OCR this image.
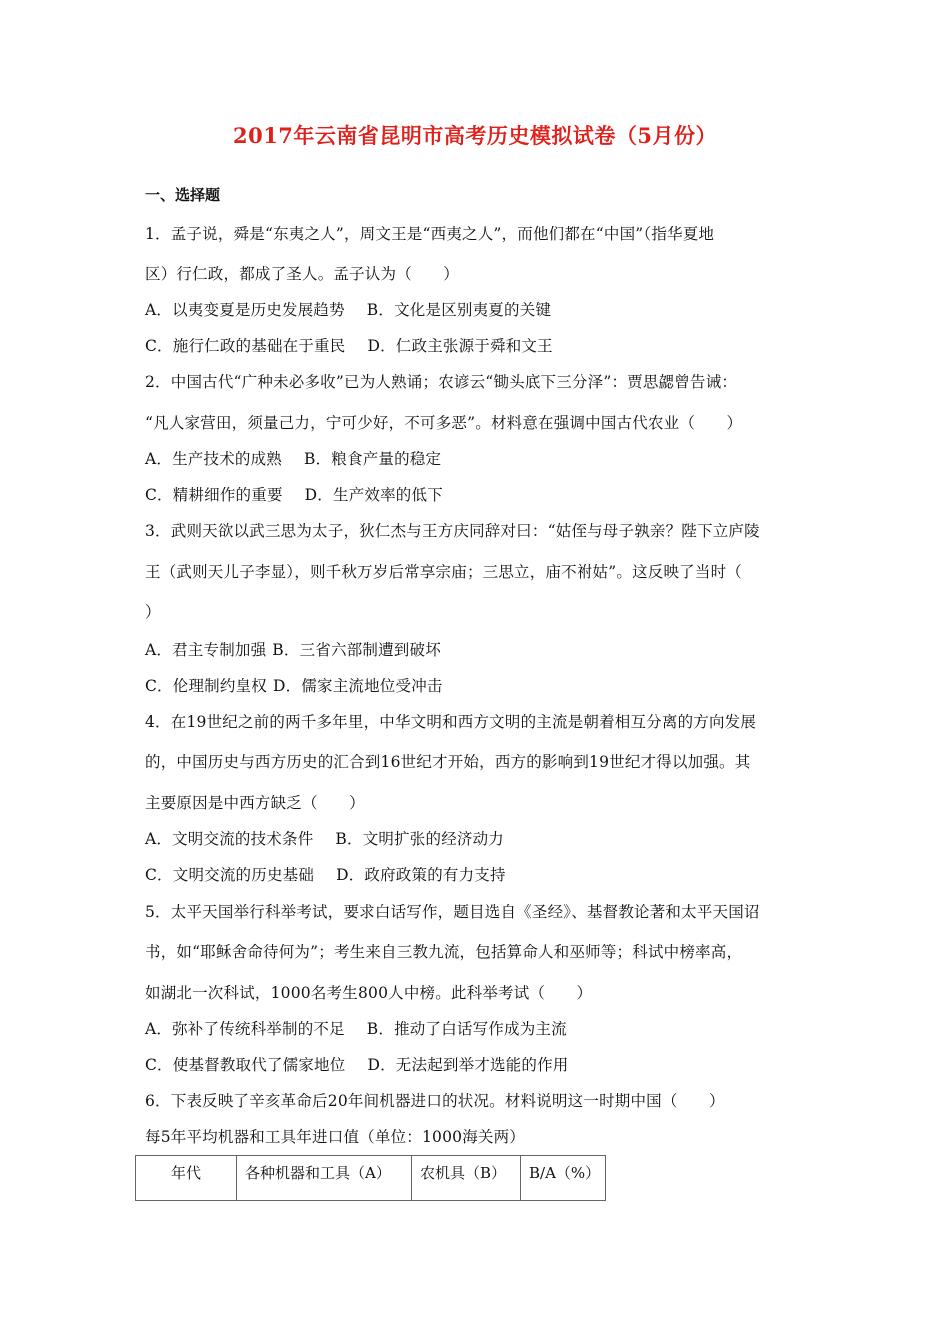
2017年云南省昆明市高考历史模拟试卷（5月份）
一、选择题
1．孟子说，舜是“东夷之人”，周文王是“西夷之人”，而他们都在“中国”（指华夏地
区）行仁政，都成了圣人。孟子认为（　　）
A．以夷变夏是历史发展趋势 B．文化是区别夷夏的关键
C．施行仁政的基础在于重民 D．仁政主张源于舜和文王
2．中国古代“广种未必多收”已为人熟诵；农谚云“锄头底下三分泽”：贾思勰曾告诫：
“凡人家营田，须量己力，宁可少好，不可多恶”。材料意在强调中国古代农业（　　）
A．生产技术的成熟 B．粮食产量的稳定
C．精耕细作的重要 D．生产效率的低下
3．武则天欲以武三思为太子，狄仁杰与王方庆同辞对曰：“姑侄与母子孰亲？陛下立庐陵
王（武则天儿子李显），则千秋万岁后常享宗庙；三思立，庙不祔姑”。这反映了当时（
）
A．君主专制加强 B．三省六部制遭到破坏
C．伦理制约皇权 D．儒家主流地位受冲击
4．在19世纪之前的两千多年里，中华文明和西方文明的主流是朝着相互分离的方向发展
的，中国历史与西方历史的汇合到16世纪才开始，西方的影响到19世纪才得以加强。其
主要原因是中西方缺乏（　　）
A．文明交流的技术条件 B．文明扩张的经济动力
C．文明交流的历史基础 D．政府政策的有力支持
5．太平天国举行科举考试，要求白话写作，题目选自《圣经》、基督教论著和太平天国诏
书，如“耶稣舍命待何为”；考生来自三教九流，包括算命人和巫师等；科试中榜率高，
如湖北一次科试，1000名考生800人中榜。此科举考试（　　）
A．弥补了传统科举制的不足 B．推动了白话写作成为主流
C．使基督教取代了儒家地位 D．无法起到举才选能的作用
6．下表反映了辛亥革命后20年间机器进口的状况。材料说明这一时期中国（　　）
每5年平均机器和工具年进口值（单位：1000海关两）
年代	各种机器和工具（A）	农机具（B）	B/A（%）
